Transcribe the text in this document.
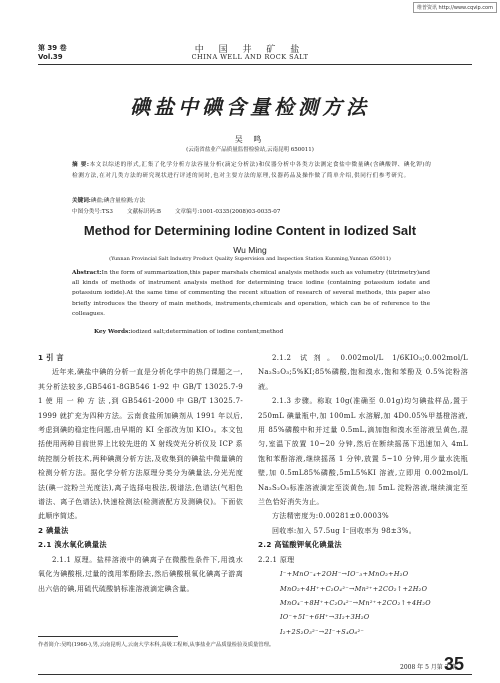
维普资讯 http://www.cqvip.com
第 39 卷
Vol.39
中 国 井 矿 盐
CHINA WELL AND ROCK SALT
碘盐中碘含量检测方法
吴 鸣
(云南省盐业产品质量监督检验站,云南昆明 650011)
摘 要:本文以综述的形式,汇集了化学分析方法容量分析(滴定分析法)和仪器分析中各类方法测定食盐中微量碘(含碘酸钾、碘化钾)的检测方法,在对几类方法的研究现状进行评述的同时,也对主要方法的原理,仪器药品及操作做了简单介绍,供同行们参考研究。
关键词:碘盐;碘含量检测;方法
中图分类号:TS3	文献标识码:B	文章编号:1001-0335(2008)03-0035-07
Method for Determining Iodine Content in Iodized Salt
Wu Ming
(Yunnan Provincial Salt Industry Product Quality Supervision and Inspection Station Kunming,Yunnan 650011)
Abstract:In the form of summarization,this paper marshals chemical analysis methods such as volumetry (titrimetry)and all kinds of methods of instrument analysis method for determining trace iodine (containing potassium iodate and potassium iodide).At the same time of commenting the recent situation of research of several methods, this paper also briefly introduces the theory of main methods, instruments,chemicals and operation, which can be of reference to the colleagues.
Key Words:iodized salt;determination of iodine content;method
1 引 言

近年来,碘盐中碘的分析一直是分析化学中的热门课题之一,其分析法较多,GB5461-8GB546 1-92 中 GB/T 13025.7-9 1 使 用 一 种 方 法 ,到 GB5461-2000 中 GB/T 13025.7-1999 就扩充为四种方法。云南食盐所加碘剂从 1991 年以后,考虑到碘的稳定性问题,由早期的 KI 全部改为加 KIO₃。本文包括使用两种目前世界上比较先进的 X 射线荧光分析仪及 ICP 系统控制分析技术,两种碘测分析方法,及收集到的碘盐中微量碘的检测分析方法。据化学分析方法原理分类分为碘量法,分光光度法(碘一淀粉兰光度法),离子选择电极法,极谱法,色谱法(气相色谱法、离子色谱法),快速检测法(检测液配方及测碘仪)。下面依此顺序简述。

2 碘量法
2.1 溴水氧化碘量法

2.1.1 原理。盐样溶液中的碘离子在微酸性条件下,用溴水氧化为碘酸根,过量的溴用苯酚除去,然后碘酸根氧化碘离子游离出六倍的碘,用硫代硫酸钠标准溶液滴定碘含量。

2.1.2 试剂。0.002mol/L 1/6KIO₃;0.002mol/L Na₂S₂O₃;5%KI;85%磷酸,饱和溴水,饱和苯酚及 0.5%淀粉溶液。

2.1.3 步骤。称取 10g(准确至 0.01g)均匀碘盐样品,置于 250mL 碘量瓶中,加 100mL 水溶解,加 4D0.05%甲基橙溶液,用 85%磷酸中和并过量 0.5mL,滴加饱和溴水至溶液呈黄色,混匀,室温下放置 10~20 分钟,然后在断续摇荡下迅速加入 4mL 饱和苯酚溶液,继续摇荡 1 分钟,放置 5~10 分钟,用少量水洗瓶壁,加 0.5mL85%磷酸,5mL5%KI 溶液,立即用 0.002mol/L Na₂S₂O₃标准溶液滴定至淡黄色,加 5mL 淀粉溶液,继续滴定至兰色恰好消失为止。

方法精密度为:0.00281±0.0003%

回收率:加入 57.5ug I⁻回收率为 98±3%。

2.2 高锰酸钾氧化碘量法
2.2.1 原理
I⁻+MnO⁻₄+2OH⁻→IO⁻₃+MnO₂+H₂O
MnO₂+4H⁺+C₂O₄²⁻→Mn²⁺+2CO₂↑+2H₂O
MnO₄⁻+8H⁺+C₂O₄²⁻→Mn²⁺+2CO₂↑+4H₂O
IO⁻+5I⁻+6H⁺→3I₂+3H₂O
I₂+2S₂O₃²⁻→2I⁻+S₄O₆²⁻
作者简介:吴鸣(1966-),男,云南昆明人,云南大学本科,高级工程师,从事盐业产品质量检验及质量管理。
2008 年 5 月第 3 期
35
